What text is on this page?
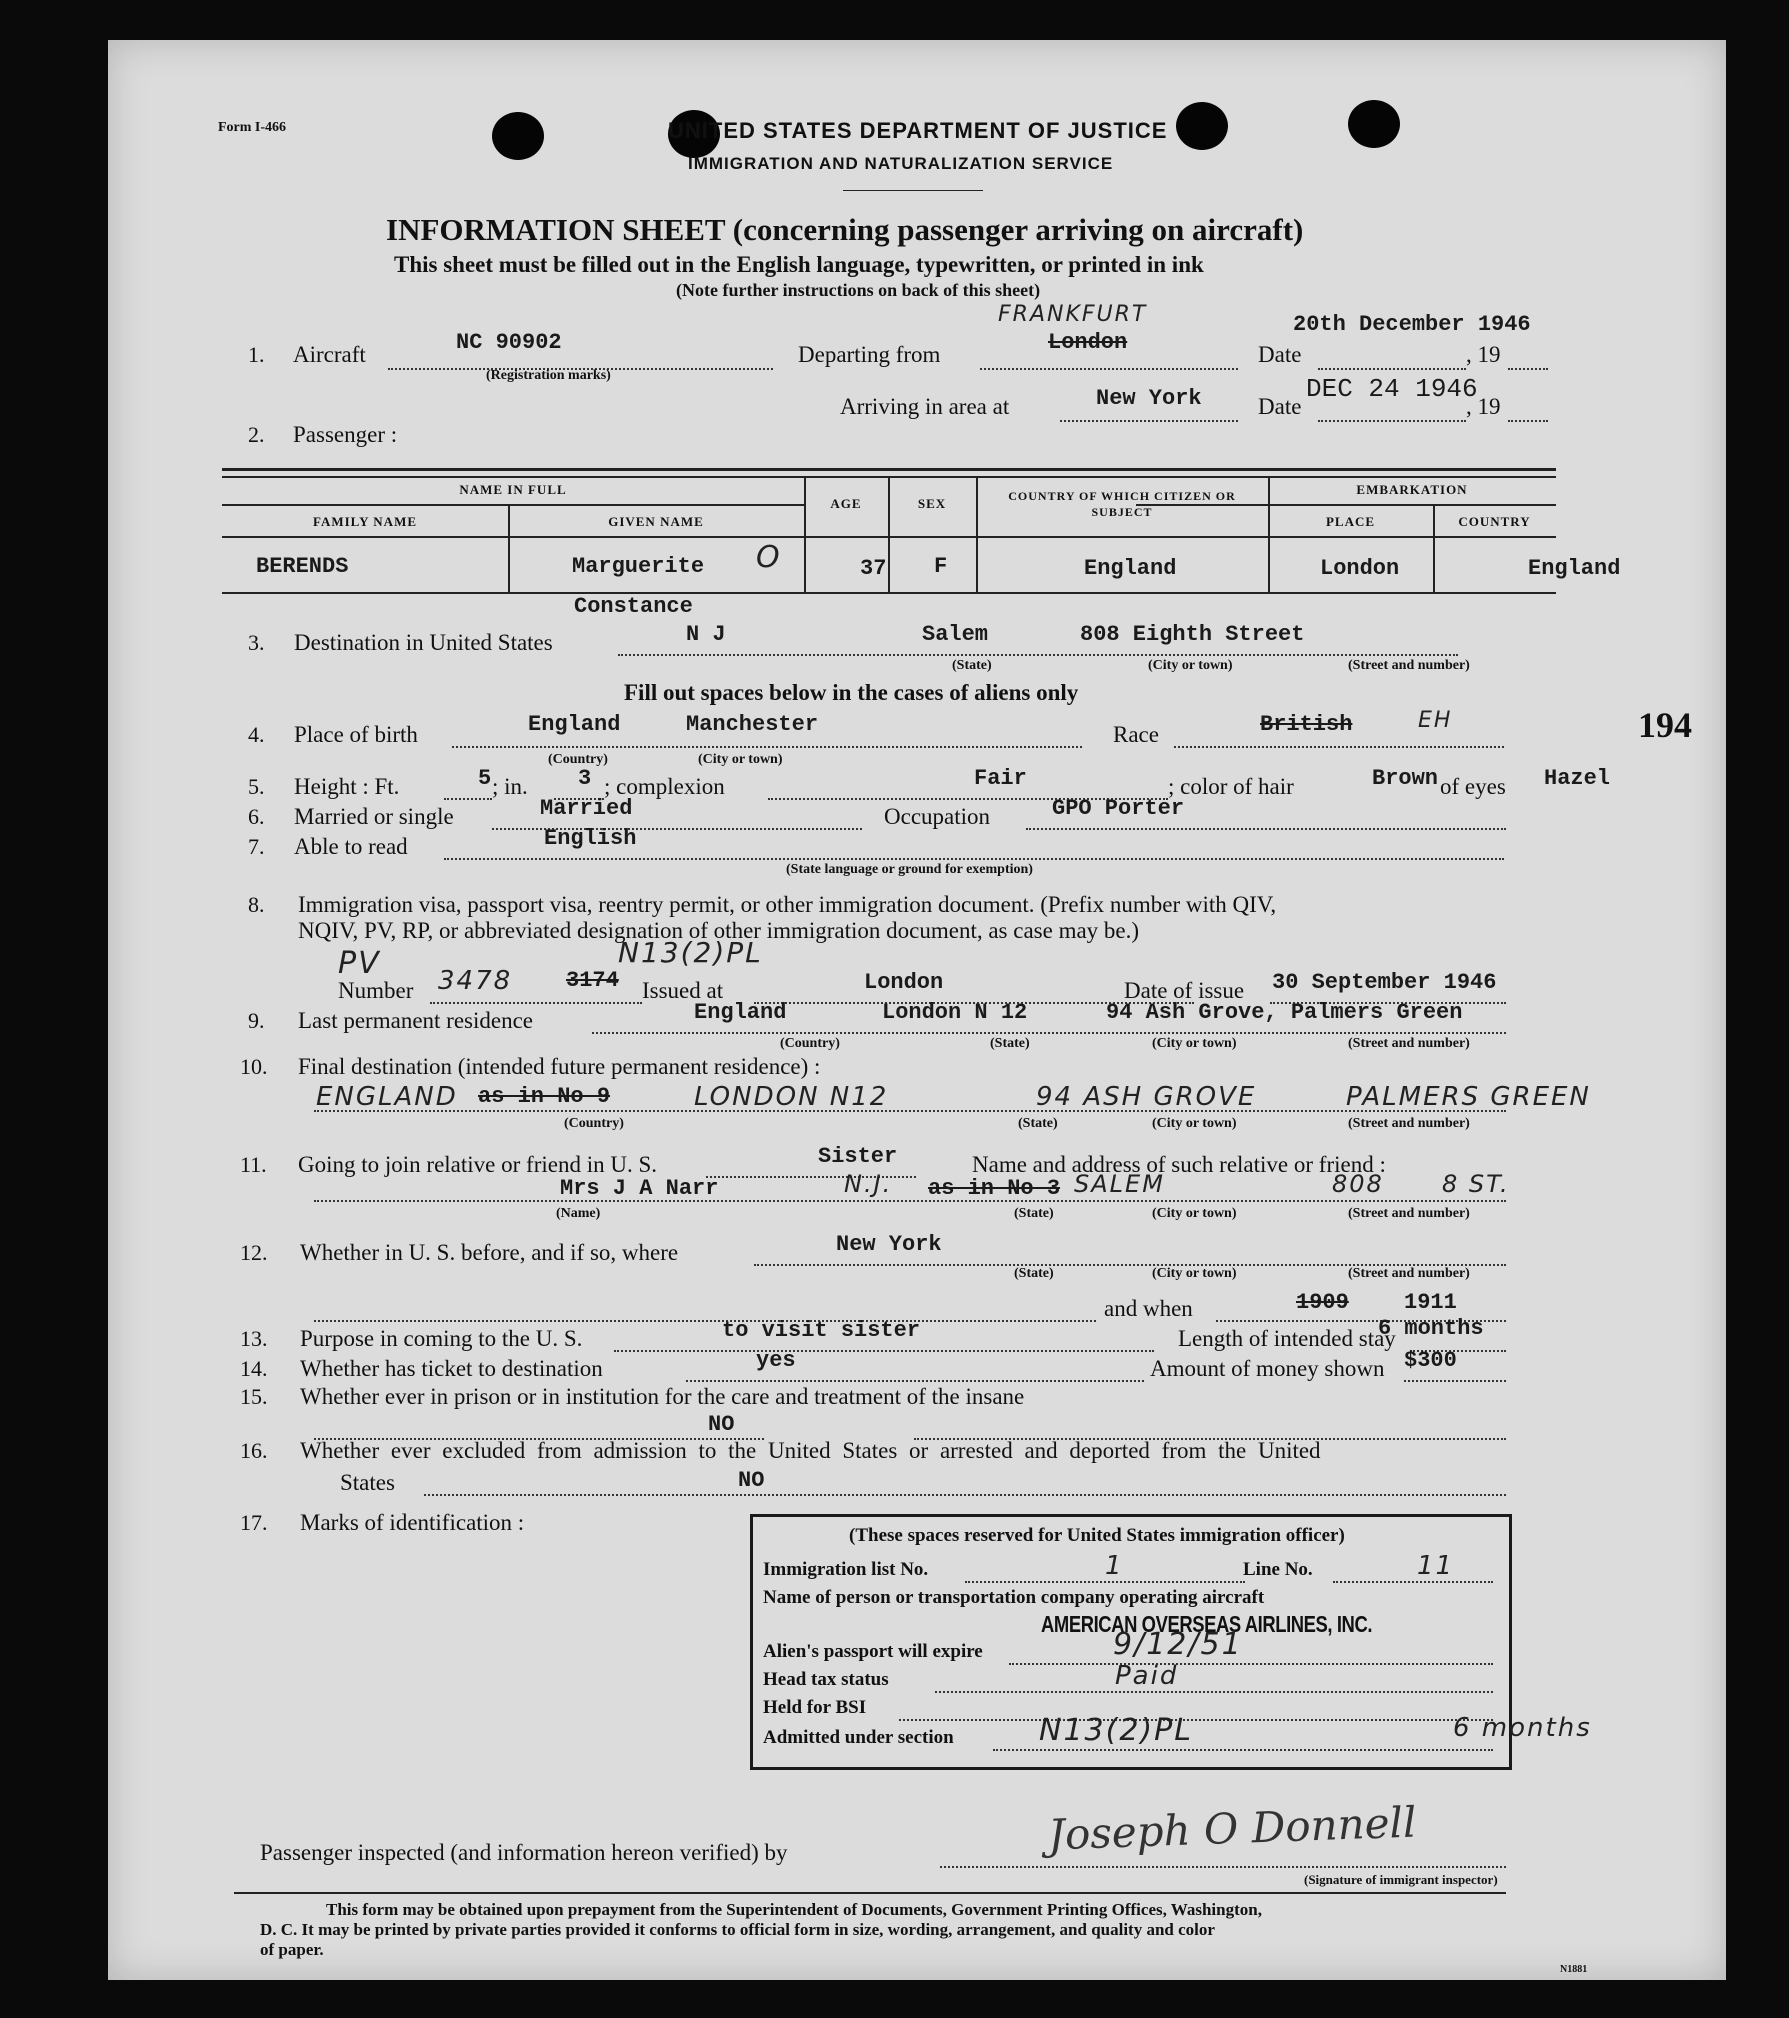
Form I-466	UNITED STATES DEPARTMENT OF JUSTICE
IMMIGRATION AND NATURALIZATION SERVICE
INFORMATION SHEET (concerning passenger arriving on aircraft)
This sheet must be filled out in the English language, typewritten, or printed in ink
(Note further instructions on back of this sheet)
1. Aircraft	NC 90902
(Registration marks)
Departing from
FRANKFURT
London	Date
20th December 1946
, 19
Arriving in area at	New York Date
DEC 24 1946
, 19
2. Passenger :
NAME IN FULL
FAMILY NAME	GIVEN NAME
AGE	SEX	COUNTRY OF WHICH CITIZEN OR SUBJECT
EMBARKATION
PLACE	COUNTRY
BERENDS	Marguerite O
Constance
37 F	England	London	England
3. Destination in United States	N J	Salem	808 Eighth Street
(State)	(City or town)	(Street and number)
Fill out spaces below in the cases of aliens only
4. Place of birth	England	Manchester
(Country)	(City or town)
Race	British	EH	194
5. Height : Ft.	5 ; in. 3 ; complexion	Fair	; color of hair	Brown of eyes Hazel
6. Married or single	Married	Occupation	GPO Porter
7. Able to read	English
(State language or ground for exemption)
8. Immigration visa, passport visa, reentry permit, or other immigration document. (Prefix number with QIV,
NQIV, PV, RP, or abbreviated designation of other immigration document, as case may be.)
PV	N13(2)PL
Number 3478 3174 Issued at	London	Date of issue 30 September 1946
9. Last permanent residence	England	London N 12	94 Ash Grove, Palmers Green
(Country)	(State)	(City or town)	(Street and number)
10. Final destination (intended future permanent residence) :
ENGLAND as in No 9	LONDON N12	94 ASH GROVE	PALMERS GREEN
(Country)	(State)	(City or town)	(Street and number)
11. Going to join relative or friend in U. S.	Sister	Name and address of such relative or friend :
Mrs J A Narr	N.J. as in No 3 SALEM	808 8 ST.
(Name)	(State)	(City or town)	(Street and number)
12. Whether in U. S. before, and if so, where	New York
(State)	(City or town)	(Street and number)
and when	1909	1911
13. Purpose in coming to the U. S.	to visit sister	Length of intended stay
6 months
14. Whether has ticket to destination	yes	Amount of money shown $300
15. Whether ever in prison or in institution for the care and treatment of the insane
NO
16. Whether ever excluded from admission to the United States or arrested and deported from the United
States	NO
17. Marks of identification :
(These spaces reserved for United States immigration officer)
Immigration list No.	1	Line No.	11
Name of person or transportation company operating aircraft
AMERICAN OVERSEAS AIRLINES, INC.
Alien's passport will expire	9/12/51
Head tax status	Paid
Held for BSI
Admitted under section	N13(2)PL	6 months
Passenger inspected (and information hereon verified) by	Joseph O Donnell
(Signature of immigrant inspector)
This form may be obtained upon prepayment from the Superintendent of Documents, Government Printing Offices, Washington,
D. C. It may be printed by private parties provided it conforms to official form in size, wording, arrangement, and quality and color
of paper.
N1881
